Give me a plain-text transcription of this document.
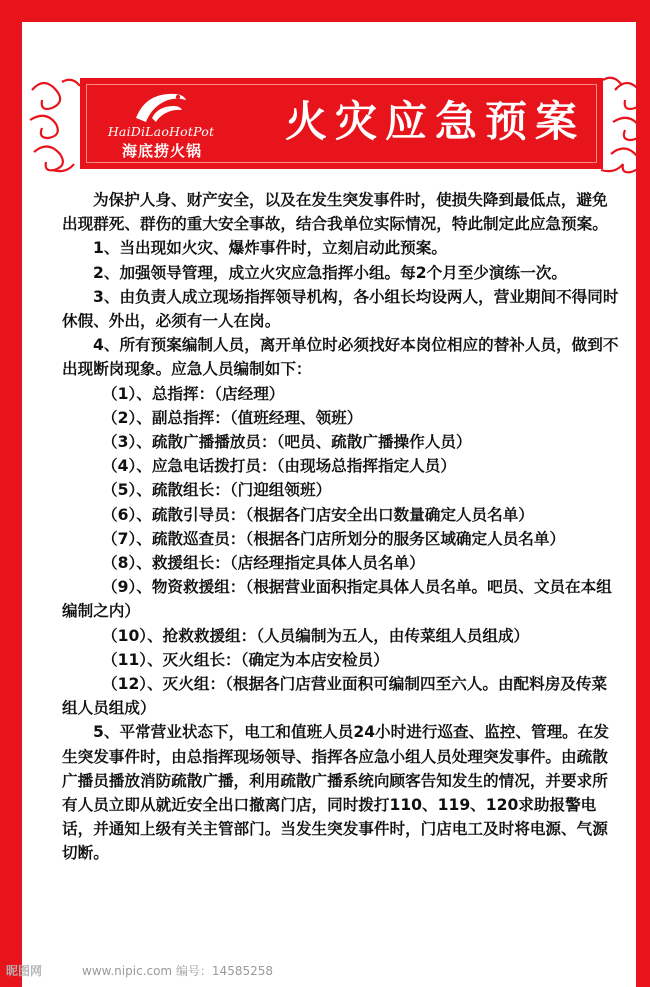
HaiDiLaoHotPot
海底捞火锅
火灾应急预案

为保护人身、财产安全，以及在发生突发事件时，使损失降到最低点，避免出现群死、群伤的重大安全事故，结合我单位实际情况，特此制定此应急预案。

1、当出现如火灾、爆炸事件时，立刻启动此预案。

2、加强领导管理，成立火灾应急指挥小组。每2个月至少演练一次。

3、由负责人成立现场指挥领导机构，各小组长均设两人，营业期间不得同时休假、外出，必须有一人在岗。

4、所有预案编制人员，离开单位时必须找好本岗位相应的替补人员，做到不出现断岗现象。应急人员编制如下：

（1）、总指挥：（店经理）

（2）、副总指挥：（值班经理、领班）

（3）、疏散广播播放员：（吧员、疏散广播操作人员）

（4）、应急电话拨打员：（由现场总指挥指定人员）

（5）、疏散组长：（门迎组领班）

（6）、疏散引导员：（根据各门店安全出口数量确定人员名单）

（7）、疏散巡查员：（根据各门店所划分的服务区域确定人员名单）

（8）、救援组长：（店经理指定具体人员名单）

（9）、物资救援组：（根据营业面积指定具体人员名单。吧员、文员在本组编制之内）

（10）、抢救救援组：（人员编制为五人，由传菜组人员组成）

（11）、灭火组长：（确定为本店安检员）

（12）、灭火组：（根据各门店营业面积可编制四至六人。由配料房及传菜组人员组成）

5、平常营业状态下，电工和值班人员24小时进行巡查、监控、管理。在发生突发事件时，由总指挥现场领导、指挥各应急小组人员处理突发事件。由疏散广播员播放消防疏散广播，利用疏散广播系统向顾客告知发生的情况，并要求所有人员立即从就近安全出口撤离门店，同时拨打110、119、120求助报警电话，并通知上级有关主管部门。当发生突发事件时，门店电工及时将电源、气源切断。

昵图网	www.nipic.com 编号：14585258
